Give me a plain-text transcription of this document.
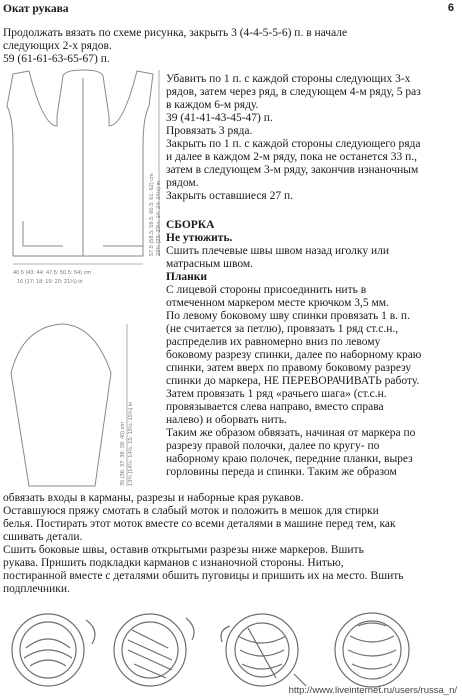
6
Окат рукава
Продолжать вязать по схеме рисунка, закрыть 3 (4-4-5-5-6) п. в начале
следующих 2-х рядов.
59 (61-61-63-65-67) п.
57.5 (58.5: 59.5: 60.5: 61: 62) cm 22¾ (23: 23½: 24: 24: 24½) in
40.5 (43: 44: 47.5: 50.5: 54) cm
16 (17: 18: 19: 20: 21¼) in
35 (36: 37: 38: 39: 40) cm 13¾ (14¼: 14½: 15: 15½: 15¾) in
Убавить по 1 п. с каждой стороны следующих 3-х
рядов, затем через ряд, в следующем 4-м ряду, 5 раз
в каждом 6-м ряду.
39 (41-41-43-45-47) п.
Провязать 3 ряда.
Закрыть по 1 п. с каждой стороны следующего ряда
и далее в каждом 2-м ряду, пока не останется 33 п.,
затем в следующем 3-м ряду, закончив изнаночным
рядом.
Закрыть оставшиеся 27 п.
СБОРКА
Не утюжить.
Сшить плечевые швы швом назад иголку или
матрасным швом.
Планки
С лицевой стороны присоединить нить в
отмеченном маркером месте крючком 3,5 мм.
По левому боковому шву спинки провязать 1 в. п.
(не считается за петлю), провязать 1 ряд ст.с.н.,
распределив их равномерно вниз по левому
боковому разрезу спинки, далее по наборному краю
спинки, затем вверх по правому боковому разрезу
спинки до маркера, НЕ ПЕРЕВОРАЧИВАТЬ работу.
Затем провязать 1 ряд «рачьего шага» (ст.с.н.
провязывается слева направо, вместо справа
налево) и оборвать нить.
Таким же образом обвязать, начиная от маркера по
разрезу правой полочки, далее по кругу- по
наборному краю полочек, передние планки, вырез
горловины переда и спинки. Таким же образом
обвязать входы в карманы, разрезы и наборные края рукавов.
Оставшуюся пряжу смотать в слабый моток и положить в мешок для стирки
белья. Постирать этот моток вместе со всеми деталями в машине перед тем, как
сшивать детали.
Сшить боковые швы, оставив открытыми разрезы ниже маркеров. Вшить
рукава. Пришить подкладки карманов с изнаночной стороны. Нитью,
постиранной вместе с деталями обшить пуговицы и пришить их на место. Вшить
подплечники.
http://www.liveinternet.ru/users/russa_n/
